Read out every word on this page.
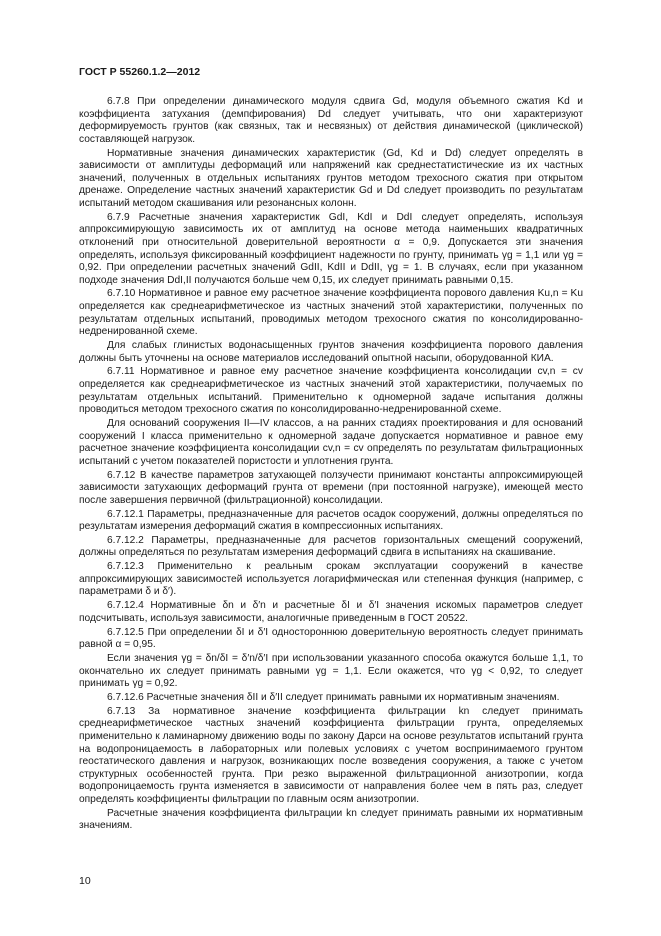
ГОСТ Р 55260.1.2—2012

6.7.8 При определении динамического модуля сдвига Gd, модуля объемного сжатия Kd и коэффициента затухания (демпфирования) Dd следует учитывать, что они характеризуют деформируемость грунтов (как связных, так и несвязных) от действия динамической (циклической) составляющей нагрузок.

Нормативные значения динамических характеристик (Gd, Kd и Dd) следует определять в зависимости от амплитуды деформаций или напряжений как среднестатистические из их частных значений, полученных в отдельных испытаниях грунтов методом трехосного сжатия при открытом дренаже. Определение частных значений характеристик Gd и Dd следует производить по результатам испытаний методом скашивания или резонансных колонн.

6.7.9 Расчетные значения характеристик GdI, KdI и DdI следует определять, используя аппроксимирующую зависимость их от амплитуд на основе метода наименьших квадратичных отклонений при относительной доверительной вероятности α = 0,9. Допускается эти значения определять, используя фиксированный коэффициент надежности по грунту, принимать γg = 1,1 или γg = 0,92. При определении расчетных значений GdII, KdII и DdII, γg = 1. В случаях, если при указанном подходе значения DdI,II получаются больше чем 0,15, их следует принимать равными 0,15.

6.7.10 Нормативное и равное ему расчетное значение коэффициента порового давления Ku,n = Ku определяется как среднеарифметическое из частных значений этой характеристики, полученных по результатам отдельных испытаний, проводимых методом трехосного сжатия по консолидированно-недренированной схеме.

Для слабых глинистых водонасыщенных грунтов значения коэффициента порового давления должны быть уточнены на основе материалов исследований опытной насыпи, оборудованной КИА.

6.7.11 Нормативное и равное ему расчетное значение коэффициента консолидации cv,n = cv определяется как среднеарифметическое из частных значений этой характеристики, получаемых по результатам отдельных испытаний. Применительно к одномерной задаче испытания должны проводиться методом трехосного сжатия по консолидированно-недренированной схеме.

Для оснований сооружения II—IV классов, а на ранних стадиях проектирования и для оснований сооружений I класса применительно к одномерной задаче допускается нормативное и равное ему расчетное значение коэффициента консолидации cv,n = cv определять по результатам фильтрационных испытаний с учетом показателей пористости и уплотнения грунта.

6.7.12 В качестве параметров затухающей ползучести принимают константы аппроксимирующей зависимости затухающих деформаций грунта от времени (при постоянной нагрузке), имеющей место после завершения первичной (фильтрационной) консолидации.

6.7.12.1 Параметры, предназначенные для расчетов осадок сооружений, должны определяться по результатам измерения деформаций сжатия в компрессионных испытаниях.

6.7.12.2 Параметры, предназначенные для расчетов горизонтальных смещений сооружений, должны определяться по результатам измерения деформаций сдвига в испытаниях на скашивание.

6.7.12.3 Применительно к реальным срокам эксплуатации сооружений в качестве аппроксимирующих зависимостей используется логарифмическая или степенная функция (например, с параметрами δ и δ′).

6.7.12.4 Нормативные δn и δ′n и расчетные δI и δ′I значения искомых параметров следует подсчитывать, используя зависимости, аналогичные приведенным в ГОСТ 20522.

6.7.12.5 При определении δI и δ′I одностороннюю доверительную вероятность следует принимать равной α = 0,95.

Если значения γg = δn/δI = δ′n/δ′I при использовании указанного способа окажутся больше 1,1, то окончательно их следует принимать равными γg = 1,1. Если окажется, что γg < 0,92, то следует принимать γg = 0,92.

6.7.12.6 Расчетные значения δII и δ′II следует принимать равными их нормативным значениям.

6.7.13 За нормативное значение коэффициента фильтрации kn следует принимать среднеарифметическое частных значений коэффициента фильтрации грунта, определяемых применительно к ламинарному движению воды по закону Дарси на основе результатов испытаний грунта на водопроницаемость в лабораторных или полевых условиях с учетом воспринимаемого грунтом геостатического давления и нагрузок, возникающих после возведения сооружения, а также с учетом структурных особенностей грунта. При резко выраженной фильтрационной анизотропии, когда водопроницаемость грунта изменяется в зависимости от направления более чем в пять раз, следует определять коэффициенты фильтрации по главным осям анизотропии.

Расчетные значения коэффициента фильтрации kn следует принимать равными их нормативным значениям.

10
